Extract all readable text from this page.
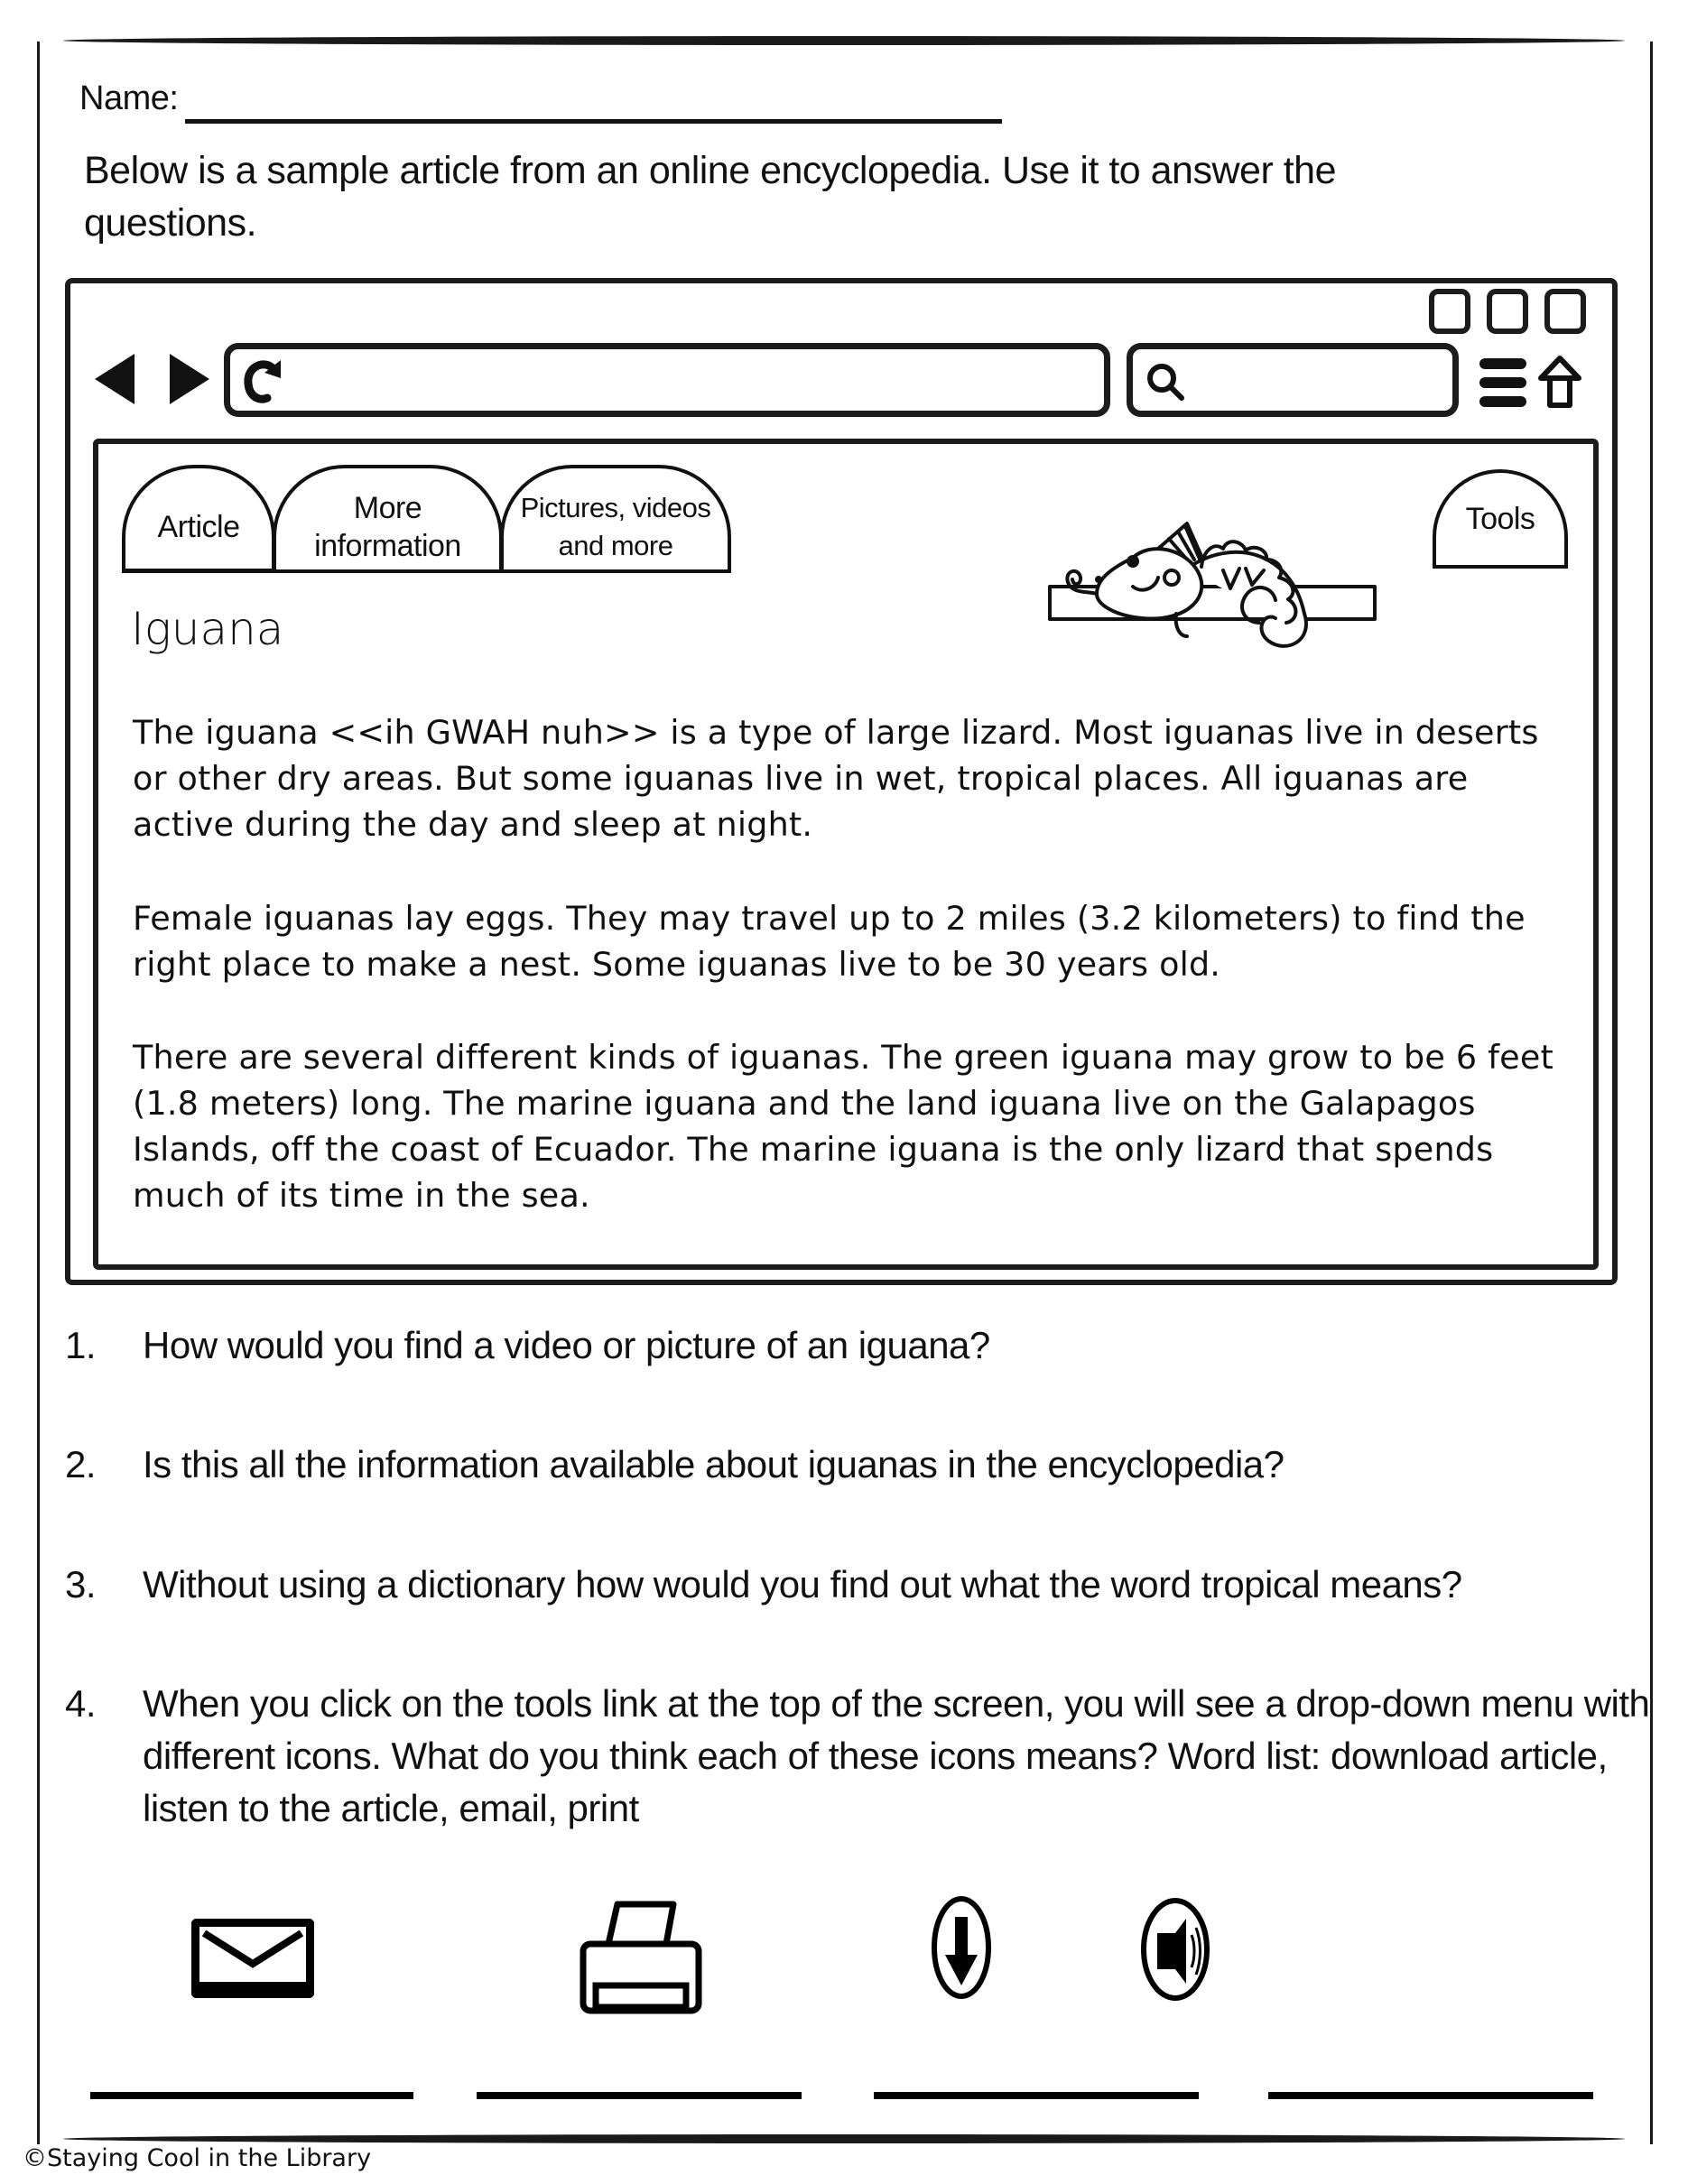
Name:
Below is a sample article from an online encyclopedia. Use it to answer the questions.
Article
More
information
Pictures, videos
and more
Tools
Iguana
The iguana <<ih GWAH nuh>> is a type of large lizard. Most iguanas live in deserts or other dry areas. But some iguanas live in wet, tropical places. All iguanas are active during the day and sleep at night.
Female iguanas lay eggs. They may travel up to 2 miles (3.2 kilometers) to find the right place to make a nest. Some iguanas live to be 30 years old.
There are several different kinds of iguanas. The green iguana may grow to be 6 feet (1.8 meters) long. The marine iguana and the land iguana live on the Galapagos Islands, off the coast of Ecuador. The marine iguana is the only lizard that spends much of its time in the sea.
1. How would you find a video or picture of an iguana?
2. Is this all the information available about iguanas in the encyclopedia?
3. Without using a dictionary how would you find out what the word tropical means?
4. When you click on the tools link at the top of the screen, you will see a drop-down menu with different icons. What do you think each of these icons means? Word list: download article, listen to the article, email, print
©Staying Cool in the Library
